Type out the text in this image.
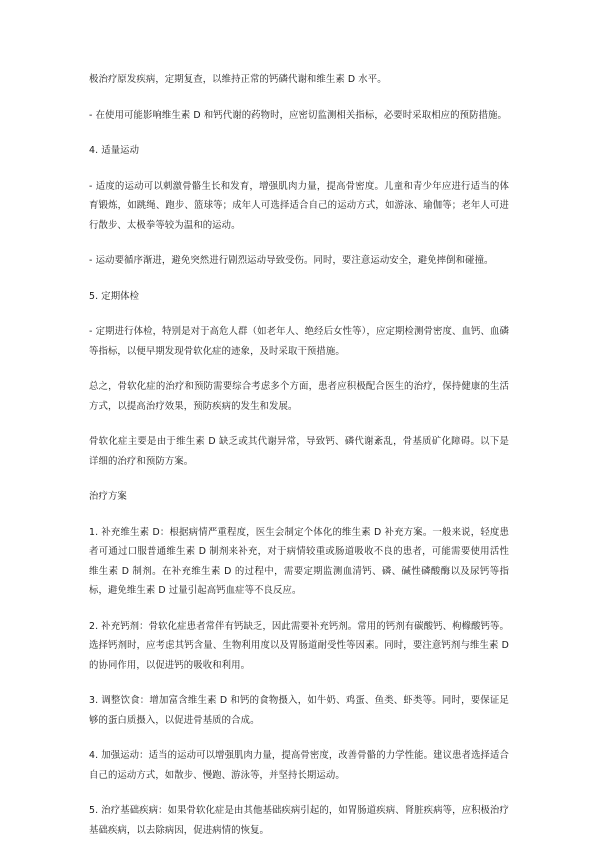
极治疗原发疾病，定期复查，以维持正常的钙磷代谢和维生素 D 水平。

- 在使用可能影响维生素 D 和钙代谢的药物时，应密切监测相关指标，必要时采取相应的预防措施。

4. 适量运动

- 适度的运动可以刺激骨骼生长和发育，增强肌肉力量，提高骨密度。儿童和青少年应进行适当的体育锻炼，如跳绳、跑步、篮球等；成年人可选择适合自己的运动方式，如游泳、瑜伽等；老年人可进行散步、太极拳等较为温和的运动。

- 运动要循序渐进，避免突然进行剧烈运动导致受伤。同时，要注意运动安全，避免摔倒和碰撞。

5. 定期体检

- 定期进行体检，特别是对于高危人群（如老年人、绝经后女性等），应定期检测骨密度、血钙、血磷等指标，以便早期发现骨软化症的迹象，及时采取干预措施。

总之，骨软化症的治疗和预防需要综合考虑多个方面，患者应积极配合医生的治疗，保持健康的生活方式，以提高治疗效果，预防疾病的发生和发展。

骨软化症主要是由于维生素 D 缺乏或其代谢异常，导致钙、磷代谢紊乱，骨基质矿化障碍。以下是详细的治疗和预防方案。

治疗方案

1. 补充维生素 D：根据病情严重程度，医生会制定个体化的维生素 D 补充方案。一般来说，轻度患者可通过口服普通维生素 D 制剂来补充，对于病情较重或肠道吸收不良的患者，可能需要使用活性维生素 D 制剂。在补充维生素 D 的过程中，需要定期监测血清钙、磷、碱性磷酸酶以及尿钙等指标，避免维生素 D 过量引起高钙血症等不良反应。

2. 补充钙剂：骨软化症患者常伴有钙缺乏，因此需要补充钙剂。常用的钙剂有碳酸钙、枸橼酸钙等。选择钙剂时，应考虑其钙含量、生物利用度以及胃肠道耐受性等因素。同时，要注意钙剂与维生素 D 的协同作用，以促进钙的吸收和利用。

3. 调整饮食：增加富含维生素 D 和钙的食物摄入，如牛奶、鸡蛋、鱼类、虾类等。同时，要保证足够的蛋白质摄入，以促进骨基质的合成。

4. 加强运动：适当的运动可以增强肌肉力量，提高骨密度，改善骨骼的力学性能。建议患者选择适合自己的运动方式，如散步、慢跑、游泳等，并坚持长期运动。

5. 治疗基础疾病：如果骨软化症是由其他基础疾病引起的，如胃肠道疾病、肾脏疾病等，应积极治疗基础疾病，以去除病因，促进病情的恢复。
